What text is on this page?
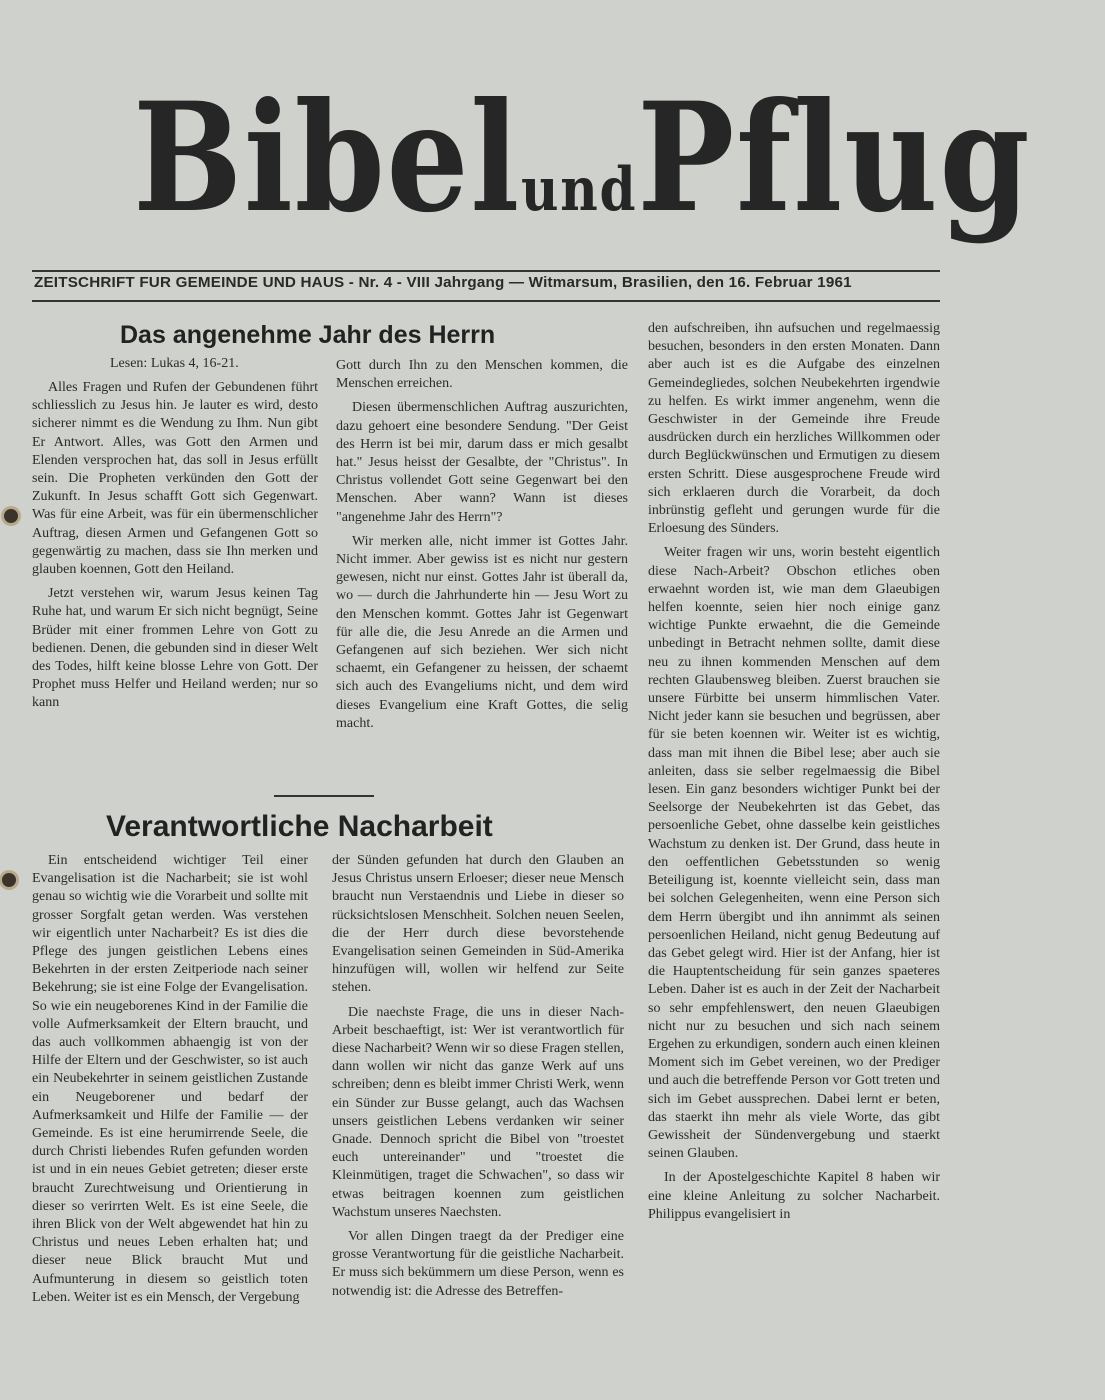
BibelundPflug
ZEITSCHRIFT FUR GEMEINDE UND HAUS - Nr. 4 - VIII Jahrgang — Witmarsum, Brasilien, den 16. Februar 1961
Das angenehme Jahr des Herrn
Lesen: Lukas 4, 16-21.

Alles Fragen und Rufen der Gebundenen führt schliesslich zu Jesus hin. Je lauter es wird, desto sicherer nimmt es die Wendung zu Ihm. Nun gibt Er Antwort. Alles, was Gott den Armen und Elenden versprochen hat, das soll in Jesus erfüllt sein. Die Propheten verkünden den Gott der Zukunft. In Jesus schafft Gott sich Gegenwart. Was für eine Arbeit, was für ein übermenschlicher Auftrag, diesen Armen und Gefangenen Gott so gegenwärtig zu machen, dass sie Ihn merken und glauben koennen, Gott den Heiland.

Jetzt verstehen wir, warum Jesus keinen Tag Ruhe hat, und warum Er sich nicht begnügt, Seine Brüder mit einer frommen Lehre von Gott zu bedienen. Denen, die gebunden sind in dieser Welt des Todes, hilft keine blosse Lehre von Gott. Der Prophet muss Helfer und Heiland werden; nur so kann

Gott durch Ihn zu den Menschen kommen, die Menschen erreichen.

Diesen übermenschlichen Auftrag auszurichten, dazu gehoert eine besondere Sendung. "Der Geist des Herrn ist bei mir, darum dass er mich gesalbt hat." Jesus heisst der Gesalbte, der "Christus". In Christus vollendet Gott seine Gegenwart bei den Menschen. Aber wann? Wann ist dieses "angenehme Jahr des Herrn"?

Wir merken alle, nicht immer ist Gottes Jahr. Nicht immer. Aber gewiss ist es nicht nur gestern gewesen, nicht nur einst. Gottes Jahr ist überall da, wo — durch die Jahrhunderte hin — Jesu Wort zu den Menschen kommt. Gottes Jahr ist Gegenwart für alle die, die Jesu Anrede an die Armen und Gefangenen auf sich beziehen. Wer sich nicht schaemt, ein Gefangener zu heissen, der schaemt sich auch des Evangeliums nicht, und dem wird dieses Evangelium eine Kraft Gottes, die selig macht.

Verantwortliche Nacharbeit

Ein entscheidend wichtiger Teil einer Evangelisation ist die Nacharbeit; sie ist wohl genau so wichtig wie die Vorarbeit und sollte mit grosser Sorgfalt getan werden. Was verstehen wir eigentlich unter Nacharbeit? Es ist dies die Pflege des jungen geistlichen Lebens eines Bekehrten in der ersten Zeitperiode nach seiner Bekehrung; sie ist eine Folge der Evangelisation. So wie ein neugeborenes Kind in der Familie die volle Aufmerksamkeit der Eltern braucht, und das auch vollkommen abhaengig ist von der Hilfe der Eltern und der Geschwister, so ist auch ein Neubekehrter in seinem geistlichen Zustande ein Neugeborener und bedarf der Aufmerksamkeit und Hilfe der Familie — der Gemeinde. Es ist eine herumirrende Seele, die durch Christi liebendes Rufen gefunden worden ist und in ein neues Gebiet getreten; dieser erste braucht Zurechtweisung und Orientierung in dieser so verirrten Welt. Es ist eine Seele, die ihren Blick von der Welt abgewendet hat hin zu Christus und neues Leben erhalten hat; und dieser neue Blick braucht Mut und Aufmunterung in diesem so geistlich toten Leben. Weiter ist es ein Mensch, der Vergebung

der Sünden gefunden hat durch den Glauben an Jesus Christus unsern Erloeser; dieser neue Mensch braucht nun Verstaendnis und Liebe in dieser so rücksichtslosen Menschheit. Solchen neuen Seelen, die der Herr durch diese bevorstehende Evangelisation seinen Gemeinden in Süd-Amerika hinzufügen will, wollen wir helfend zur Seite stehen.

Die naechste Frage, die uns in dieser Nach-Arbeit beschaeftigt, ist: Wer ist verantwortlich für diese Nacharbeit? Wenn wir so diese Fragen stellen, dann wollen wir nicht das ganze Werk auf uns schreiben; denn es bleibt immer Christi Werk, wenn ein Sünder zur Busse gelangt, auch das Wachsen unsers geistlichen Lebens verdanken wir seiner Gnade. Dennoch spricht die Bibel von "troestet euch untereinander" und "troestet die Kleinmütigen, traget die Schwachen", so dass wir etwas beitragen koennen zum geistlichen Wachstum unseres Naechsten.

Vor allen Dingen traegt da der Prediger eine grosse Verantwortung für die geistliche Nacharbeit. Er muss sich bekümmern um diese Person, wenn es notwendig ist: die Adresse des Betreffen-

den aufschreiben, ihn aufsuchen und regelmaessig besuchen, besonders in den ersten Monaten. Dann aber auch ist es die Aufgabe des einzelnen Gemeindegliedes, solchen Neubekehrten irgendwie zu helfen. Es wirkt immer angenehm, wenn die Geschwister in der Gemeinde ihre Freude ausdrücken durch ein herzliches Willkommen oder durch Beglückwünschen und Ermutigen zu diesem ersten Schritt. Diese ausgesprochene Freude wird sich erklaeren durch die Vorarbeit, da doch inbrünstig gefleht und gerungen wurde für die Erloesung des Sünders.

Weiter fragen wir uns, worin besteht eigentlich diese Nach-Arbeit? Obschon etliches oben erwaehnt worden ist, wie man dem Glaeubigen helfen koennte, seien hier noch einige ganz wichtige Punkte erwaehnt, die die Gemeinde unbedingt in Betracht nehmen sollte, damit diese neu zu ihnen kommenden Menschen auf dem rechten Glaubensweg bleiben. Zuerst brauchen sie unsere Fürbitte bei unserm himmlischen Vater. Nicht jeder kann sie besuchen und begrüssen, aber für sie beten koennen wir. Weiter ist es wichtig, dass man mit ihnen die Bibel lese; aber auch sie anleiten, dass sie selber regelmaessig die Bibel lesen. Ein ganz besonders wichtiger Punkt bei der Seelsorge der Neubekehrten ist das Gebet, das persoenliche Gebet, ohne dasselbe kein geistliches Wachstum zu denken ist. Der Grund, dass heute in den oeffentlichen Gebetsstunden so wenig Beteiligung ist, koennte vielleicht sein, dass man bei solchen Gelegenheiten, wenn eine Person sich dem Herrn übergibt und ihn annimmt als seinen persoenlichen Heiland, nicht genug Bedeutung auf das Gebet gelegt wird. Hier ist der Anfang, hier ist die Hauptentscheidung für sein ganzes spaeteres Leben. Daher ist es auch in der Zeit der Nacharbeit so sehr empfehlenswert, den neuen Glaeubigen nicht nur zu besuchen und sich nach seinem Ergehen zu erkundigen, sondern auch einen kleinen Moment sich im Gebet vereinen, wo der Prediger und auch die betreffende Person vor Gott treten und sich im Gebet aussprechen. Dabei lernt er beten, das staerkt ihn mehr als viele Worte, das gibt Gewissheit der Sündenvergebung und staerkt seinen Glauben.

In der Apostelgeschichte Kapitel 8 haben wir eine kleine Anleitung zu solcher Nacharbeit. Philippus evangelisiert in
